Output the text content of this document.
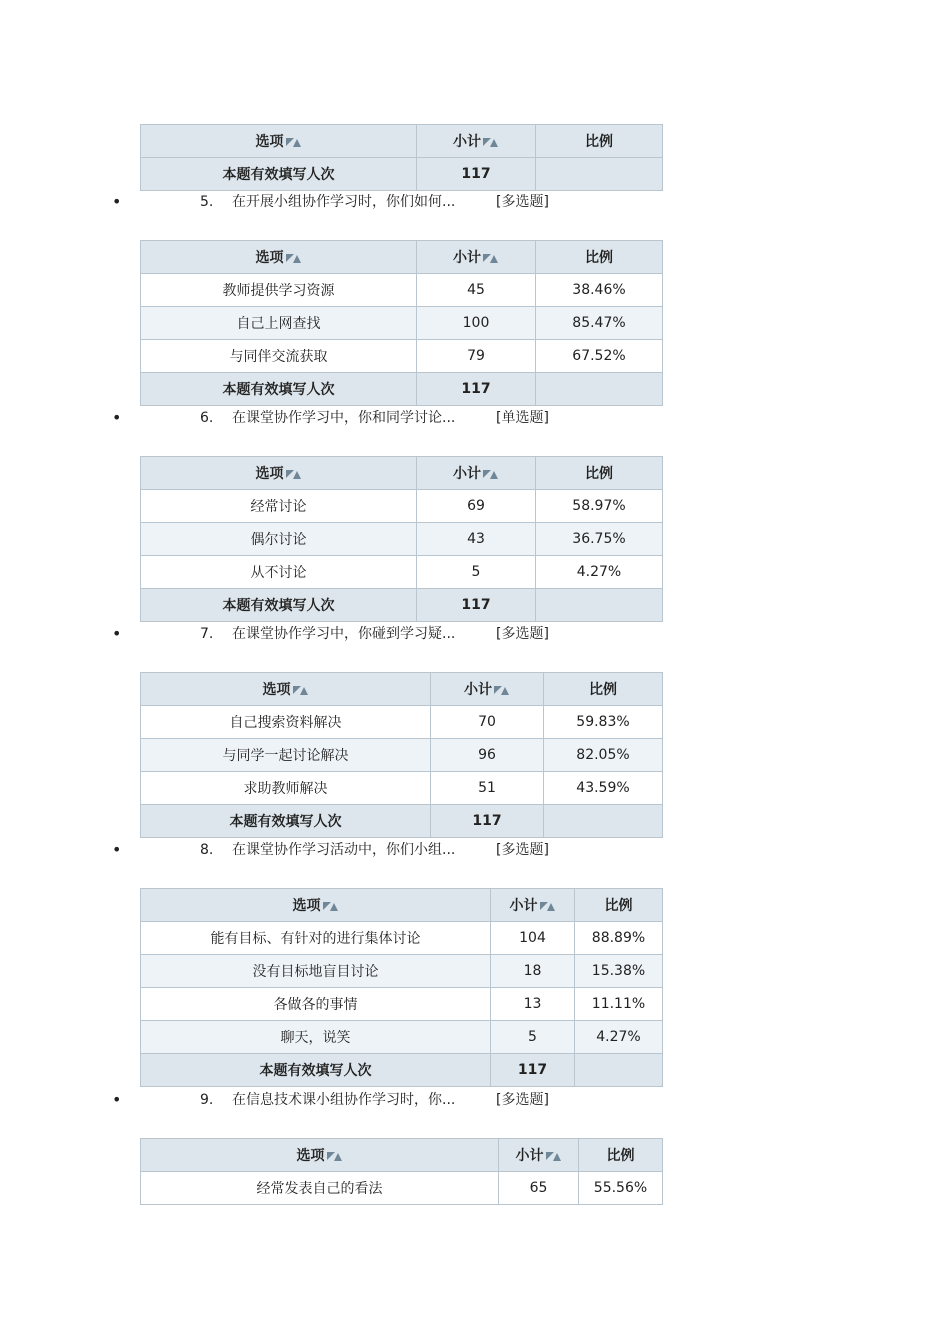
选项	小计	比例
本题有效填写人次	117	
•	5. 在开展小组协作学习时，你们如何...	[多选题]
选项	小计	比例
教师提供学习资源	45	38.46%
自己上网查找	100	85.47%
与同伴交流获取	79	67.52%
本题有效填写人次	117	
•	6. 在课堂协作学习中，你和同学讨论...	[单选题]
选项	小计	比例
经常讨论	69	58.97%
偶尔讨论	43	36.75%
从不讨论	5	4.27%
本题有效填写人次	117	
•	7. 在课堂协作学习中，你碰到学习疑...	[多选题]
选项	小计	比例
自己搜索资料解决	70	59.83%
与同学一起讨论解决	96	82.05%
求助教师解决	51	43.59%
本题有效填写人次	117	
•	8. 在课堂协作学习活动中，你们小组...	[多选题]
选项	小计	比例
能有目标、有针对的进行集体讨论	104	88.89%
没有目标地盲目讨论	18	15.38%
各做各的事情	13	11.11%
聊天，说笑	5	4.27%
本题有效填写人次	117	
•	9. 在信息技术课小组协作学习时，你...	[多选题]
选项	小计	比例
经常发表自己的看法	65	55.56%
